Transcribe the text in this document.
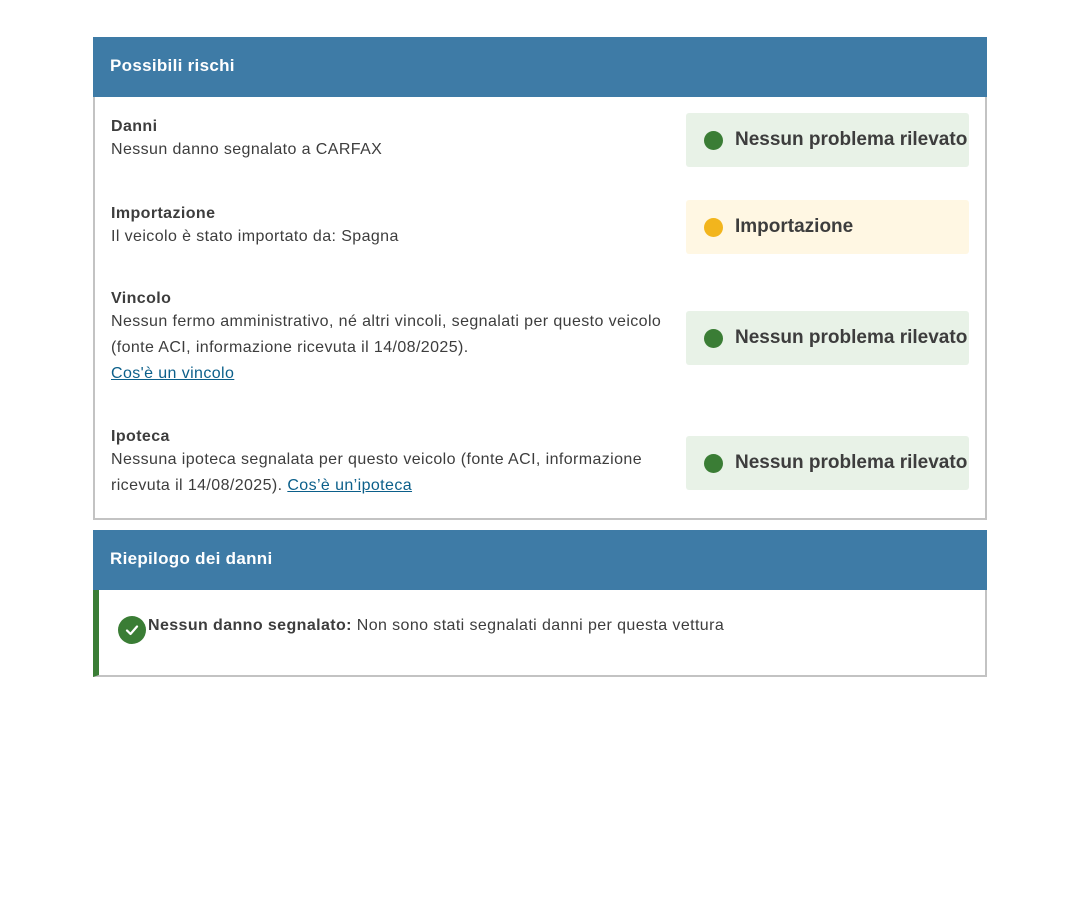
Possibili rischi
Danni
Nessun danno segnalato a CARFAX	Nessun problema rilevato
Importazione
Il veicolo è stato importato da: Spagna	Importazione
Vincolo
Nessun fermo amministrativo, né altri vincoli, segnalati per questo veicolo (fonte ACI, informazione ricevuta il 14/08/2025).
Cos'è un vincolo
Nessun problema rilevato
Ipoteca
Nessuna ipoteca segnalata per questo veicolo (fonte ACI, informazione ricevuta il 14/08/2025). Cos’è un’ipoteca
Nessun problema rilevato
Riepilogo dei danni
Nessun danno segnalato: Non sono stati segnalati danni per questa vettura
